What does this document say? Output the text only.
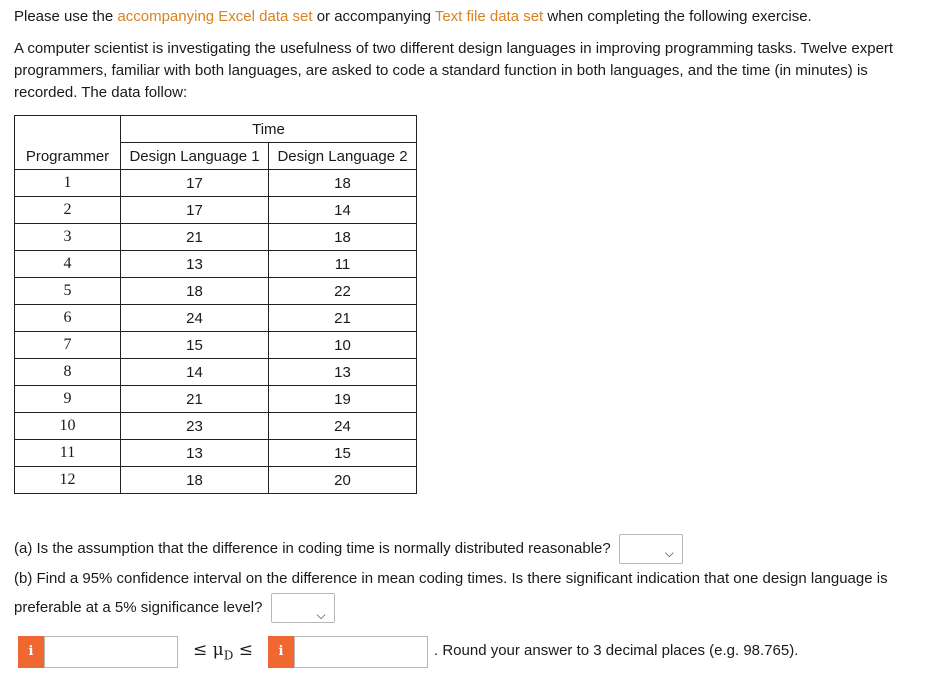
Please use the accompanying Excel data set or accompanying Text file data set when completing the following exercise.

A computer scientist is investigating the usefulness of two different design languages in improving programming tasks. Twelve expert programmers, familiar with both languages, are asked to code a standard function in both languages, and the time (in minutes) is recorded. The data follow:

Programmer	Time	
	Design Language 1	Design Language 2
1	17	18
2	17	14
3	21	18
4	13	11
5	18	22
6	24	21
7	15	10
8	14	13
9	21	19
10	23	24
11	13	15
12	18	20

(a) Is the assumption that the difference in coding time is normally distributed reasonable?	⌵

(b) Find a 95% confidence interval on the difference in mean coding times. Is there significant indication that one design language is preferable at a 5% significance level?	⌵

i	≤ $\mu_D$ ≤	i	. Round your answer to 3 decimal places (e.g. 98.765).
